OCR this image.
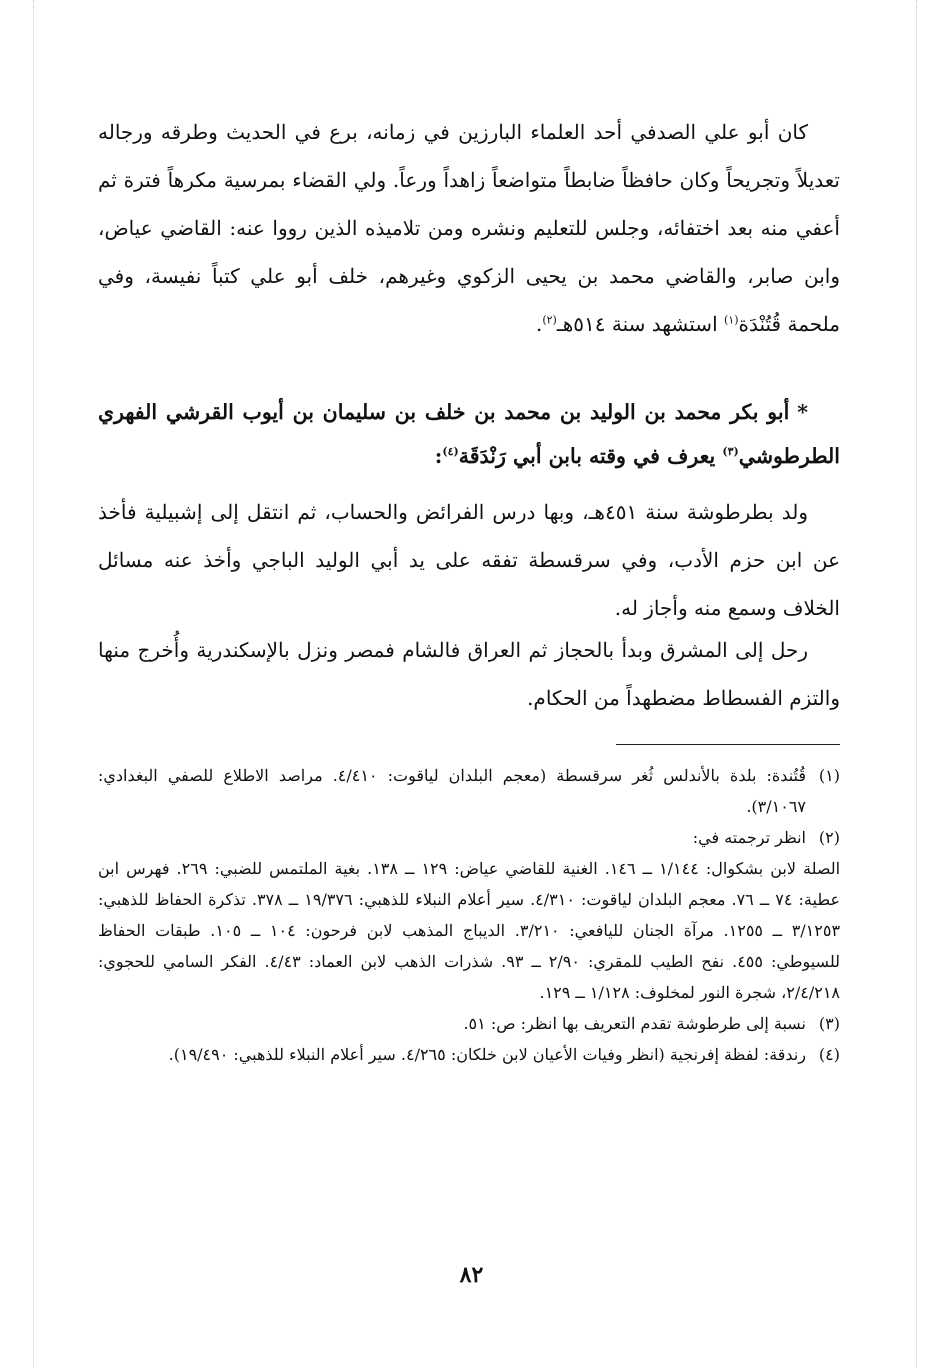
كان أبو علي الصدفي أحد العلماء البارزين في زمانه، برع في الحديث وطرقه ورجاله تعديلاً وتجريحاً وكان حافظاً ضابطاً متواضعاً زاهداً ورعاً. ولي القضاء بمرسية مكرهاً فترة ثم أعفي منه بعد اختفائه، وجلس للتعليم ونشره ومن تلاميذه الذين رووا عنه: القاضي عياض، وابن صابر، والقاضي محمد بن يحيى الزكوي وغيرهم، خلف أبو علي كتباً نفيسة، وفي ملحمة قُتُنْدَة$^{(١)}$ استشهد سنة ٥١٤هـ$^{(٢)}$.
*أبو بكر محمد بن الوليد بن محمد بن خلف بن سليمان بن أيوب القرشي الفهري الطرطوشي$^{(٣)}$ يعرف في وقته بابن أبي رَنْدَقَة$^{(٤)}$:
ولد بطرطوشة سنة ٤٥١هـ، وبها درس الفرائض والحساب، ثم انتقل إلى إشبيلية فأخذ عن ابن حزم الأدب، وفي سرقسطة تفقه على يد أبي الوليد الباجي وأخذ عنه مسائل الخلاف وسمع منه وأجاز له.
رحل إلى المشرق وبدأ بالحجاز ثم العراق فالشام فمصر ونزل بالإسكندرية وأُخرج منها والتزم الفسطاط مضطهداً من الحكام.
(١)
قُتُندة: بلدة بالأندلس ثُغر سرقسطة (معجم البلدان لياقوت: ٤/٤١٠. مراصد الاطلاع للصفي البغدادي: ٣/١٠٦٧).
(٢)
انظر ترجمته في:
الصلة لابن بشكوال: ١/١٤٤ ــ ١٤٦. الغنية للقاضي عياض: ١٢٩ ــ ١٣٨. بغية الملتمس للضبي: ٢٦٩. فهرس ابن عطية: ٧٤ ــ ٧٦. معجم البلدان لياقوت: ٤/٣١٠. سير أعلام النبلاء للذهبي: ١٩/٣٧٦ ــ ٣٧٨. تذكرة الحفاظ للذهبي: ٣/١٢٥٣ ــ ١٢٥٥. مرآة الجنان لليافعي: ٣/٢١٠. الديباج المذهب لابن فرحون: ١٠٤ ــ ١٠٥. طبقات الحفاظ للسيوطي: ٤٥٥. نفح الطيب للمقري: ٢/٩٠ ــ ٩٣. شذرات الذهب لابن العماد: ٤/٤٣. الفكر السامي للحجوي: ٢/٤/٢١٨، شجرة النور لمخلوف: ١/١٢٨ ــ ١٢٩.
(٣)
نسبة إلى طرطوشة تقدم التعريف بها انظر: ص: ٥١.
(٤)
رندقة: لفظة إفرنجية (انظر وفيات الأعيان لابن خلكان: ٤/٢٦٥. سير أعلام النبلاء للذهبي: ١٩/٤٩٠).
٨٢
